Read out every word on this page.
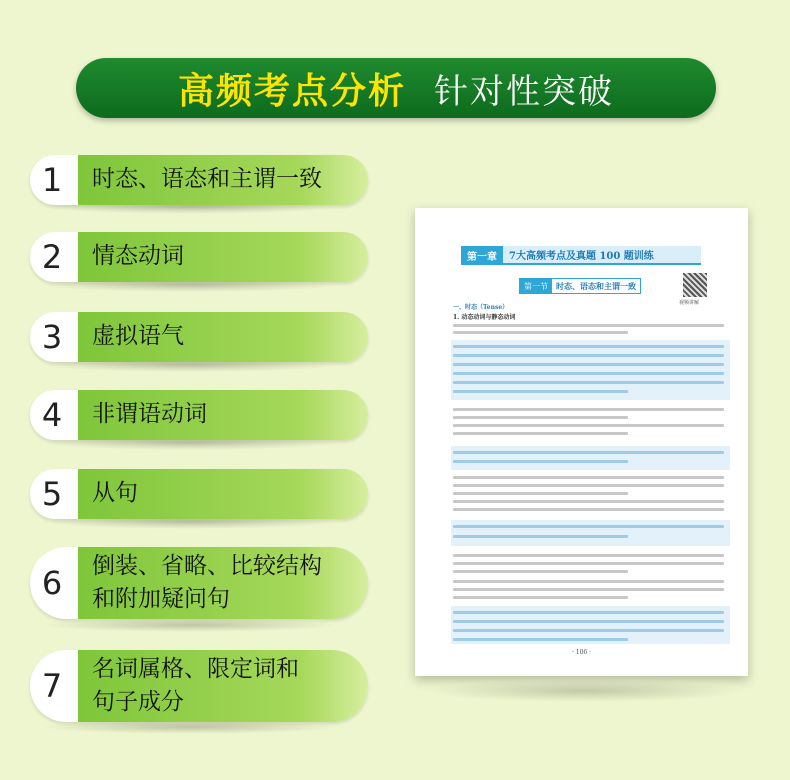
高频考点分析 针对性突破
1	时态、语态和主谓一致
2	情态动词
3	虚拟语气
4	非谓语动词
5	从句
6	倒装、省略、比较结构
和附加疑问句
7	名词属格、限定词和
句子成分
第一章	7大高频考点及真题 100 题训练
第一节	时态、语态和主谓一致
视频讲解
一、时态（Tense）
1. 动态动词与静态动词
· 106 ·
